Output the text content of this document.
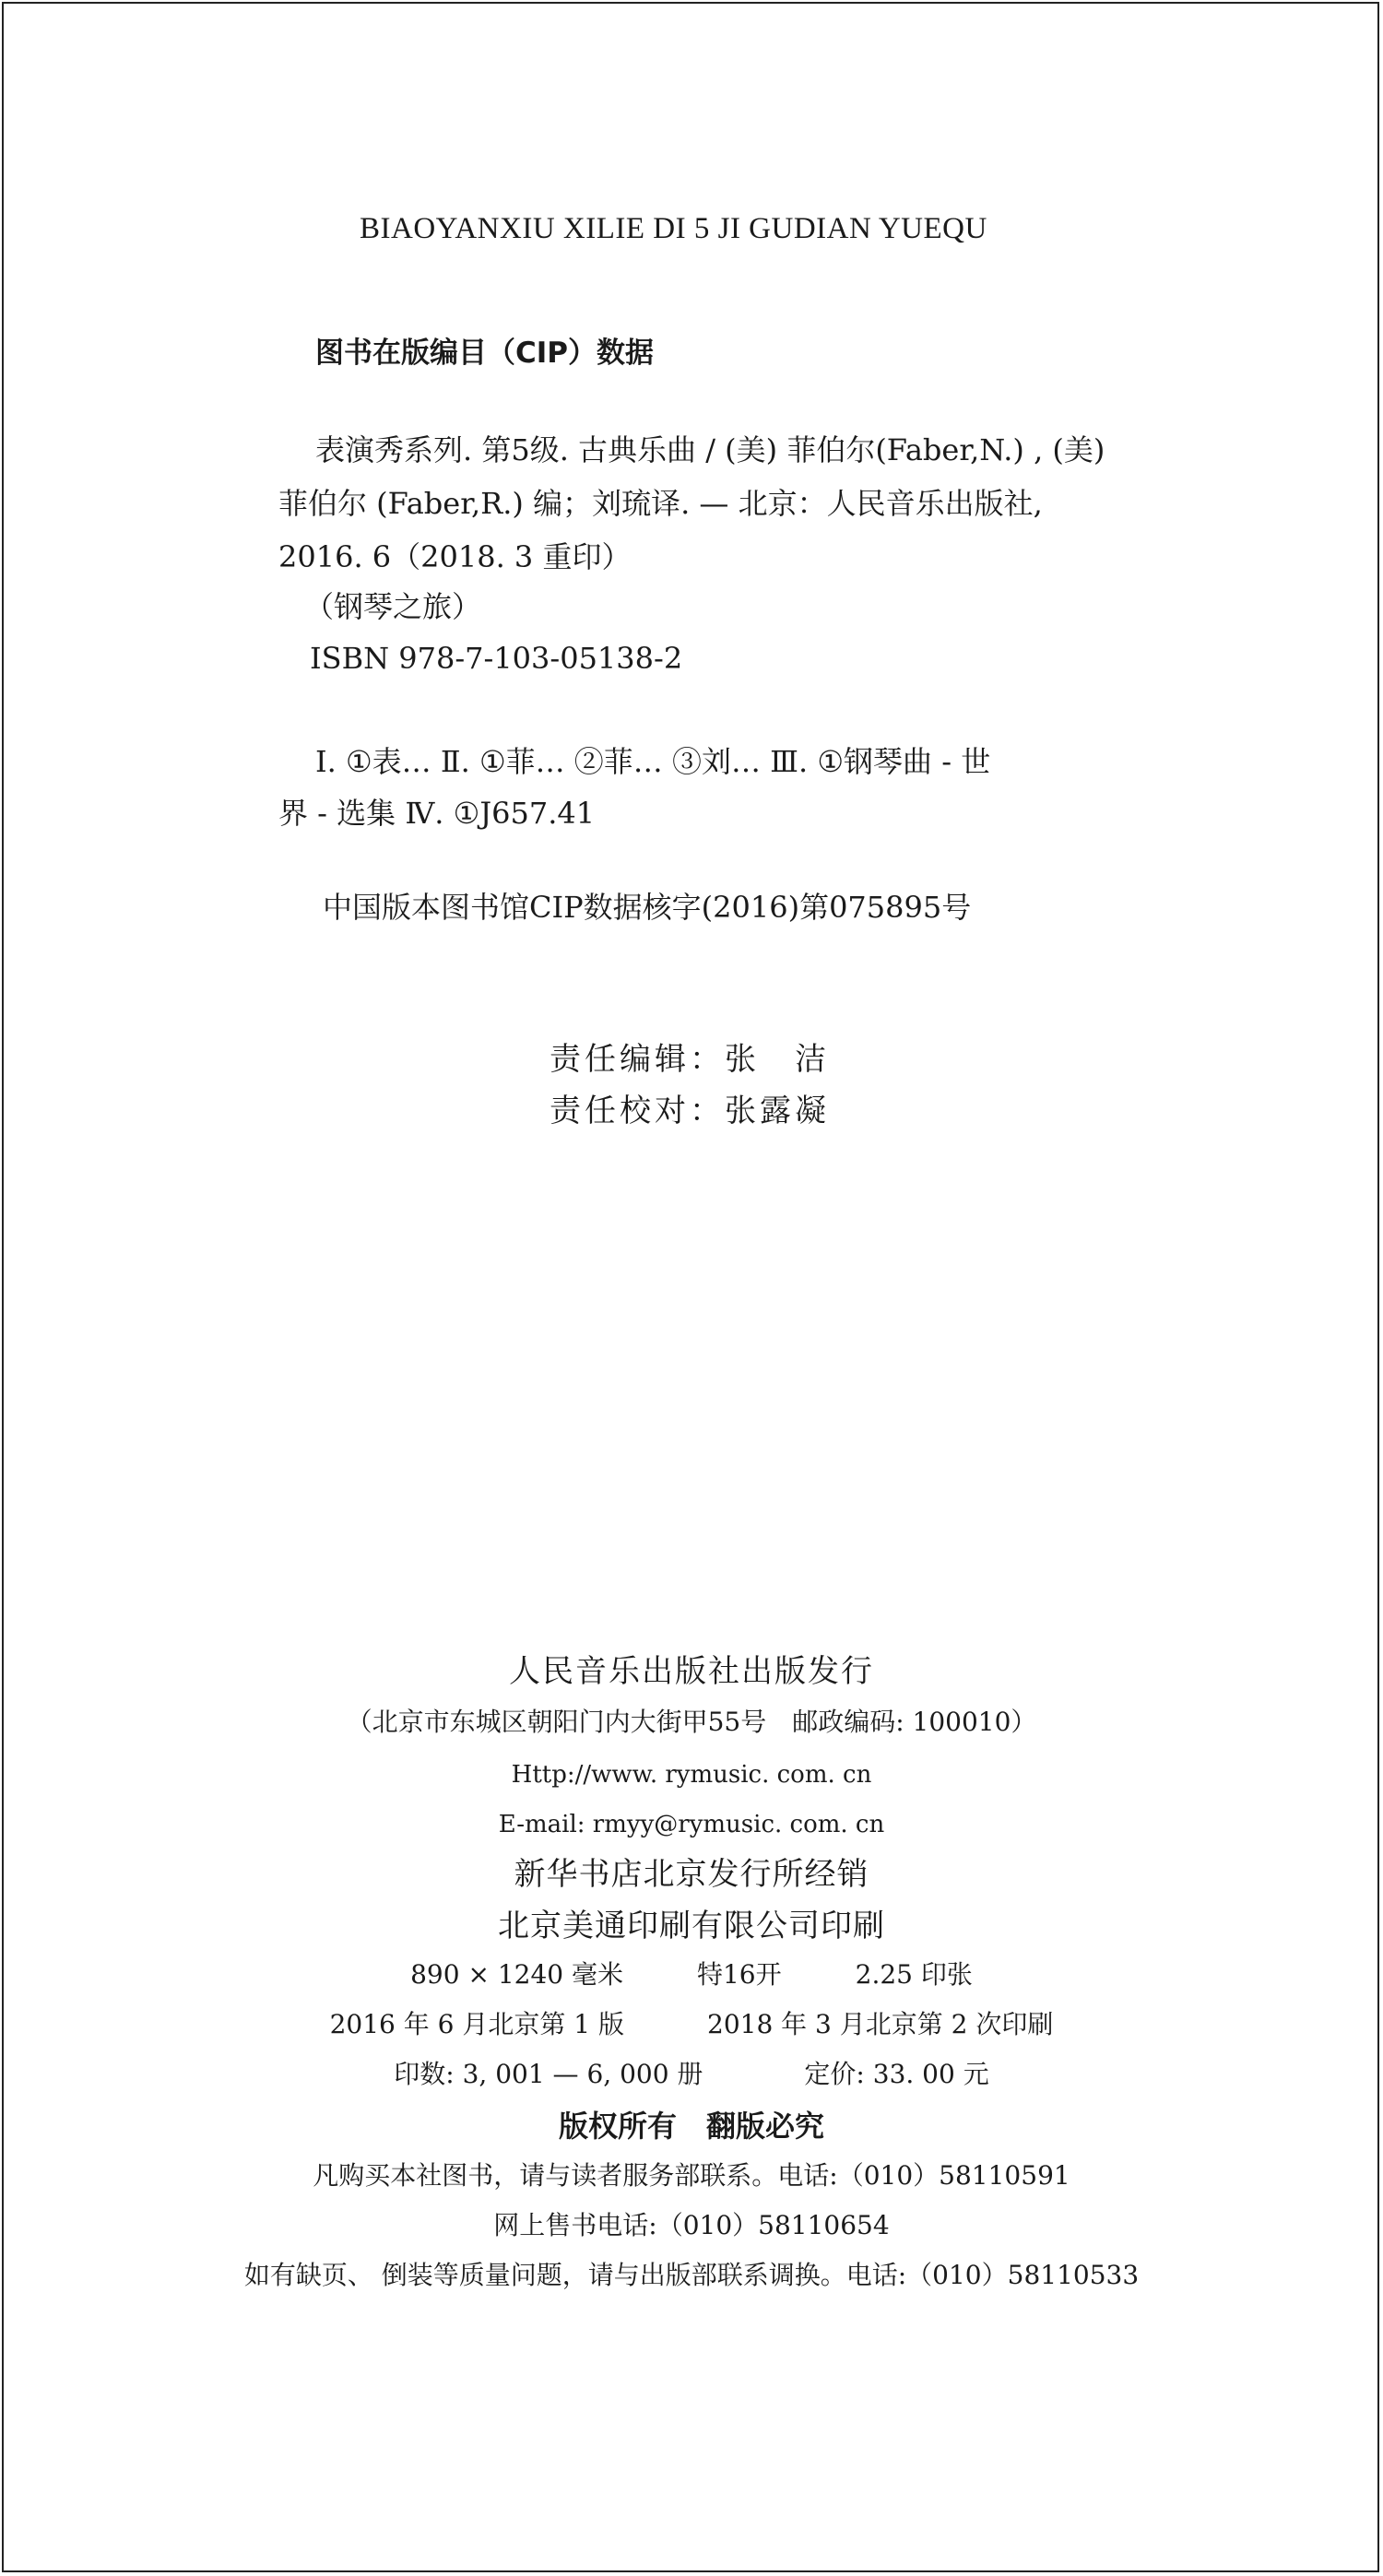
BIAOYANXIU XILIE DI 5 JI GUDIAN YUEQU
图书在版编目（CIP）数据
表演秀系列. 第5级. 古典乐曲 / (美) 菲伯尔(Faber,N.) , (美)
菲伯尔 (Faber,R.) 编；刘琉译. — 北京：人民音乐出版社,
2016. 6（2018. 3 重印）
（钢琴之旅）
ISBN 978-7-103-05138-2
Ⅰ. ①表… Ⅱ. ①菲… ②菲… ③刘… Ⅲ. ①钢琴曲 - 世
界 - 选集 Ⅳ. ①J657.41
中国版本图书馆CIP数据核字(2016)第075895号
责任编辑：张　洁
责任校对：张露凝
人民音乐出版社出版发行
（北京市东城区朝阳门内大街甲55号　邮政编码: 100010）
Http://www. rymusic. com. cn
E-mail: rmyy@rymusic. com. cn
新华书店北京发行所经销
北京美通印刷有限公司印刷
890 × 1240 毫米	特16开	2.25 印张
2016 年 6 月北京第 1 版	2018 年 3 月北京第 2 次印刷
印数: 3, 001 — 6, 000 册	定价: 33. 00 元
版权所有　翻版必究
凡购买本社图书，请与读者服务部联系。电话:（010）58110591
网上售书电话:（010）58110654
如有缺页、 倒装等质量问题，请与出版部联系调换。电话:（010）58110533
